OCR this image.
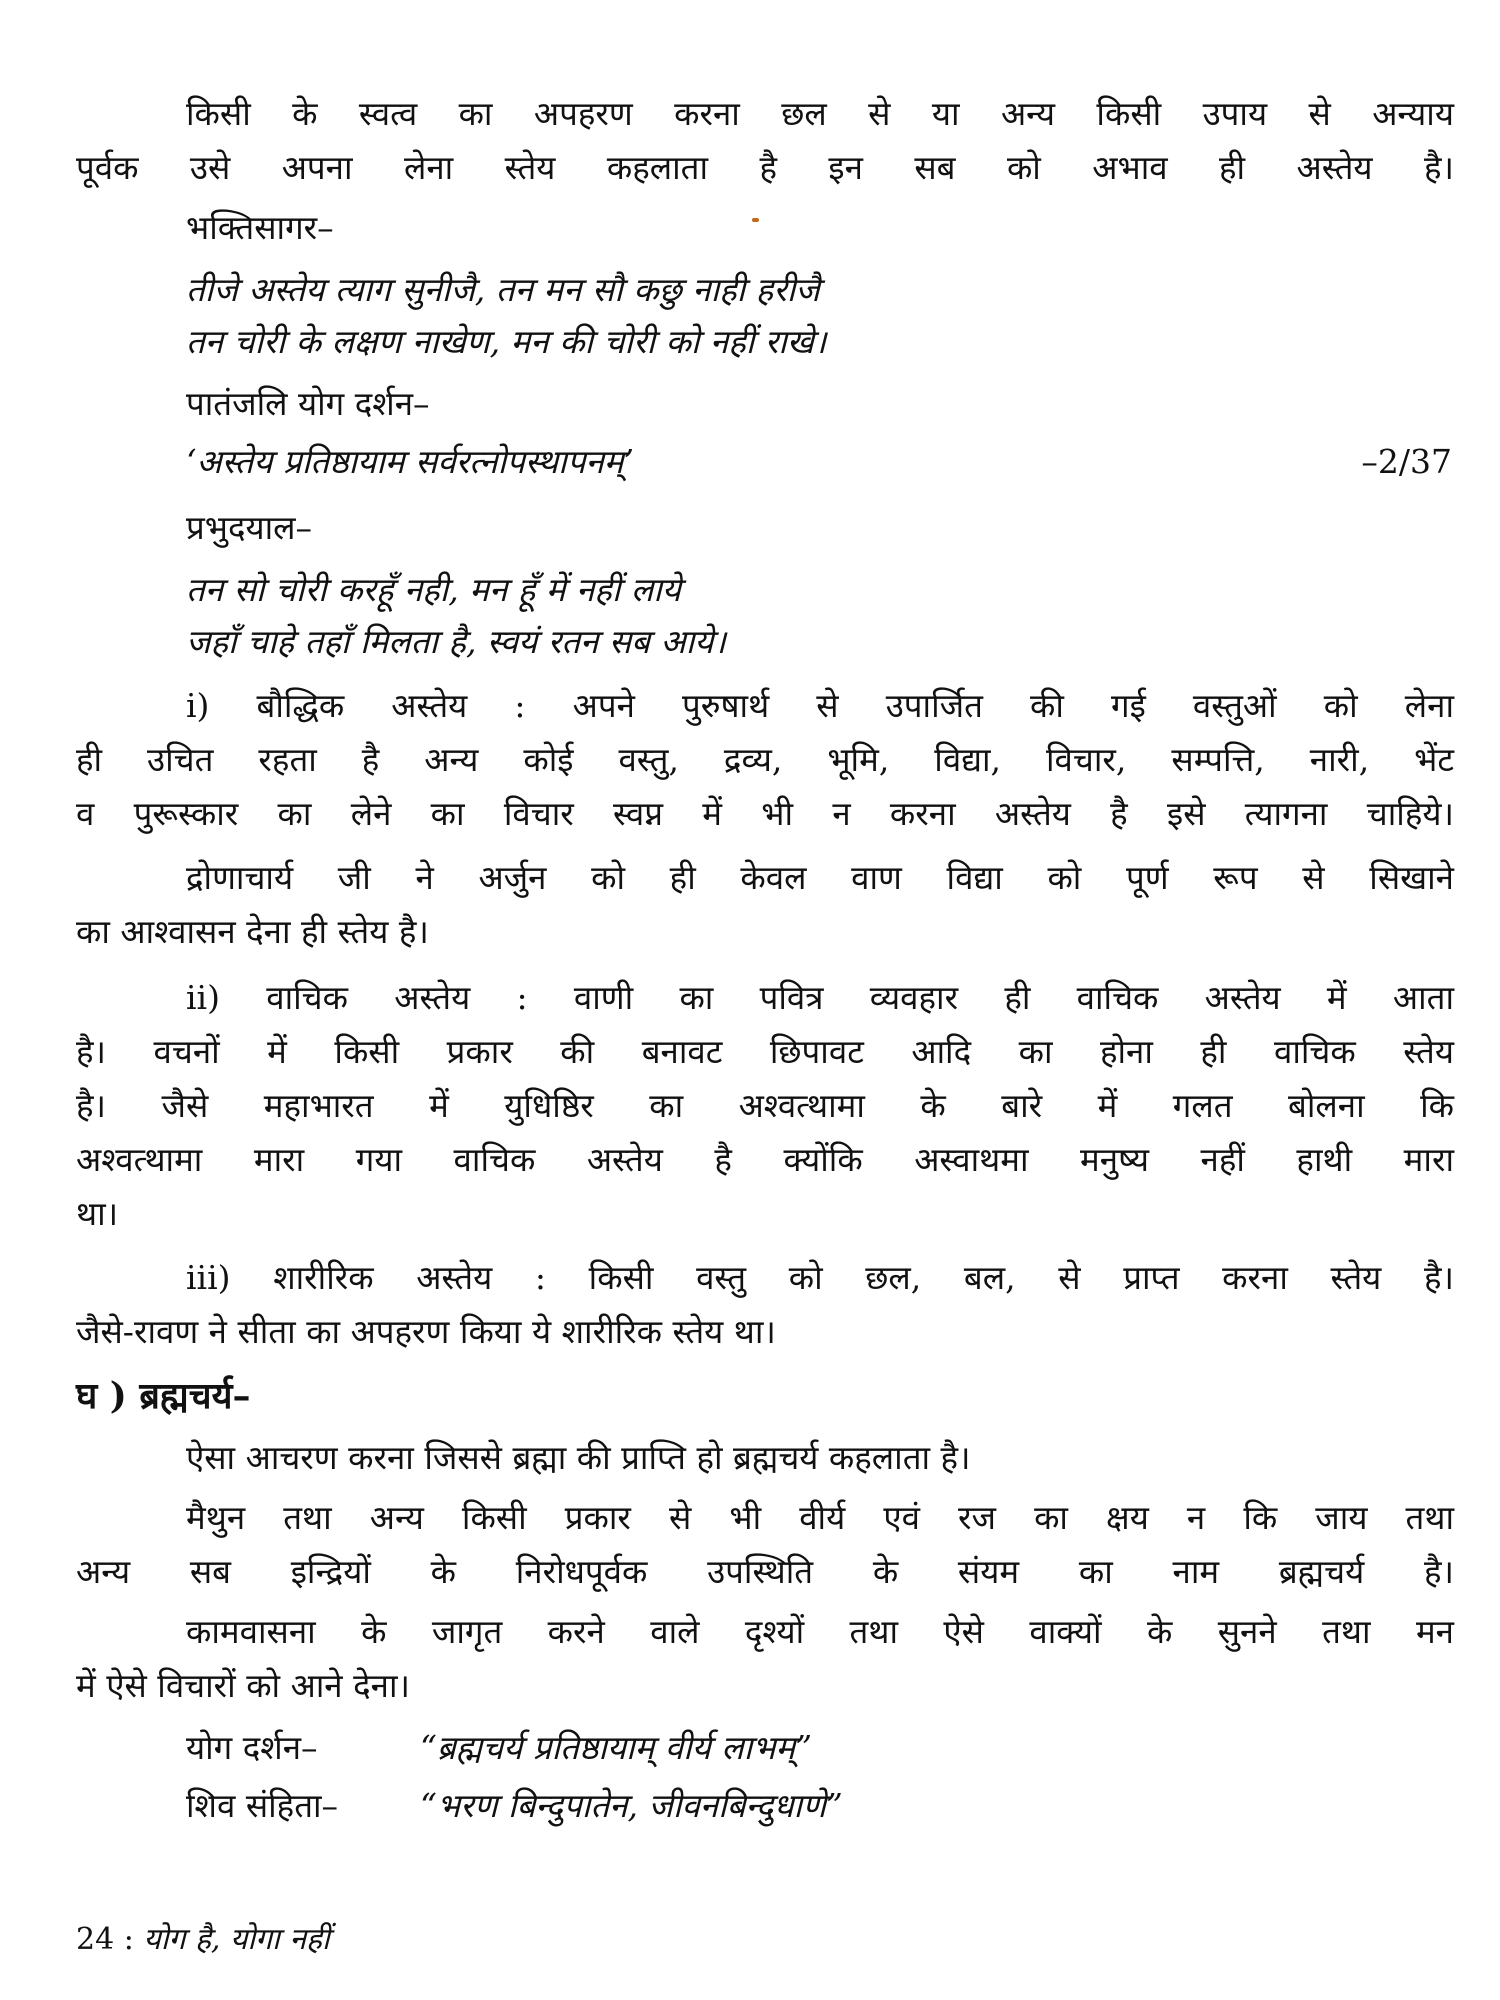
किसी के स्वत्व का अपहरण करना छल से या अन्य किसी उपाय से अन्याय
पूर्वक उसे अपना लेना स्तेय कहलाता है इन सब को अभाव ही अस्तेय है।
भक्तिसागर–
तीजे अस्तेय त्याग सुनीजै, तन मन सौ कछु नाही हरीजै
तन चोरी के लक्षण नाखेण, मन की चोरी को नहीं राखे।
पातंजलि योग दर्शन–
‘अस्तेय प्रतिष्ठायाम सर्वरत्नोपस्थापनम्’	–2/37
प्रभुदयाल–
तन सो चोरी करहूँ नही, मन हूँ में नहीं लाये
जहाँ चाहे तहाँ मिलता है, स्वयं रतन सब आये।
i) बौद्धिक अस्तेय : अपने पुरुषार्थ से उपार्जित की गई वस्तुओं को लेना
ही उचित रहता है अन्य कोई वस्तु, द्रव्य, भूमि, विद्या, विचार, सम्पत्ति, नारी, भेंट
व पुरूस्कार का लेने का विचार स्वप्न में भी न करना अस्तेय है इसे त्यागना चाहिये।
द्रोणाचार्य जी ने अर्जुन को ही केवल वाण विद्या को पूर्ण रूप से सिखाने
का आश्वासन देना ही स्तेय है।
ii) वाचिक अस्तेय : वाणी का पवित्र व्यवहार ही वाचिक अस्तेय में आता
है। वचनों में किसी प्रकार की बनावट छिपावट आदि का होना ही वाचिक स्तेय
है। जैसे महाभारत में युधिष्ठिर का अश्वत्थामा के बारे में गलत बोलना कि
अश्वत्थामा मारा गया वाचिक अस्तेय है क्योंकि अस्वाथमा मनुष्य नहीं हाथी मारा
था।
iii) शारीरिक अस्तेय : किसी वस्तु को छल, बल, से प्राप्त करना स्तेय है।
जैसे-रावण ने सीता का अपहरण किया ये शारीरिक स्तेय था।
घ ) ब्रह्मचर्य–
ऐसा आचरण करना जिससे ब्रह्मा की प्राप्ति हो ब्रह्मचर्य कहलाता है।
मैथुन तथा अन्य किसी प्रकार से भी वीर्य एवं रज का क्षय न कि जाय तथा
अन्य सब इन्द्रियों के निरोधपूर्वक उपस्थिति के संयम का नाम ब्रह्मचर्य है।
कामवासना के जागृत करने वाले दृश्यों तथा ऐसे वाक्यों के सुनने तथा मन
में ऐसे विचारों को आने देना।
योग दर्शन–	“ब्रह्मचर्य प्रतिष्ठायाम् वीर्य लाभम्”
शिव संहिता– “भरण बिन्दुपातेन, जीवनबिन्दुधाणे”
24 : योग है, योगा नहीं
